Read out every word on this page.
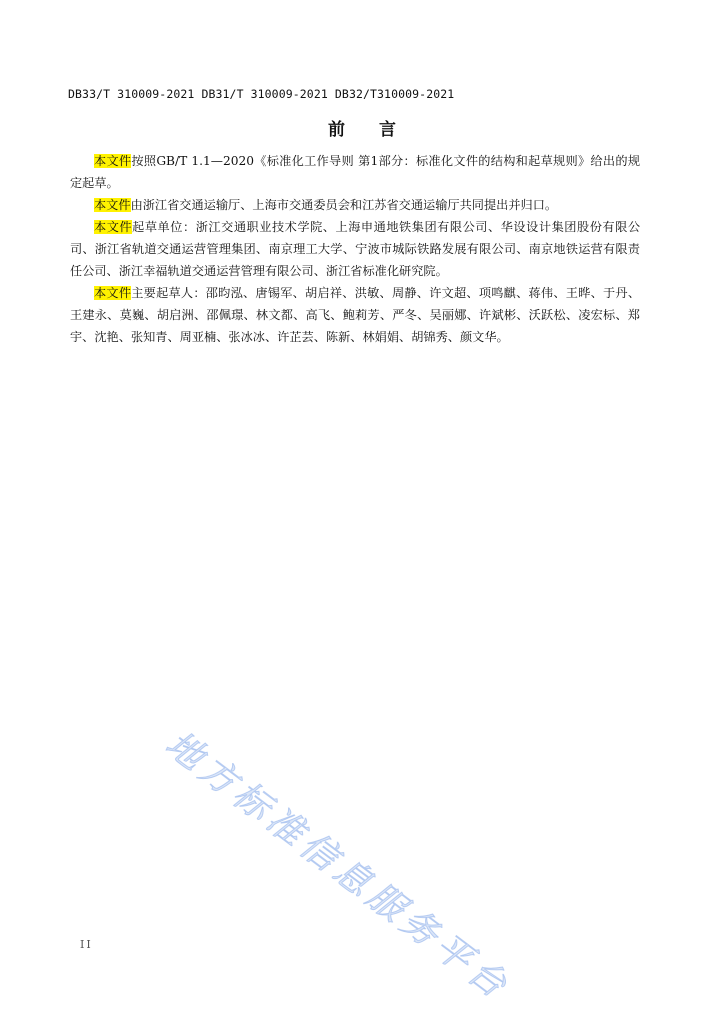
DB33/T 310009-2021 DB31/T 310009-2021 DB32/T310009-2021
前 言

本文件按照GB/T 1.1—2020《标准化工作导则 第1部分：标准化文件的结构和起草规则》给出的规定起草。

本文件由浙江省交通运输厅、上海市交通委员会和江苏省交通运输厅共同提出并归口。

本文件起草单位：浙江交通职业技术学院、上海申通地铁集团有限公司、华设设计集团股份有限公司、浙江省轨道交通运营管理集团、南京理工大学、宁波市城际铁路发展有限公司、南京地铁运营有限责任公司、浙江幸福轨道交通运营管理有限公司、浙江省标准化研究院。

本文件主要起草人：邵昀泓、唐锡军、胡启祥、洪敏、周静、许文超、项鸣麒、蒋伟、王晔、于丹、王建永、莫巍、胡启洲、邵佩璟、林文都、高飞、鲍莉芳、严冬、吴丽娜、许斌彬、沃跃松、凌宏标、郑宇、沈艳、张知青、周亚楠、张冰冰、许芷芸、陈新、林娟娟、胡锦秀、颜文华。

地方标准信息服务平台
II
